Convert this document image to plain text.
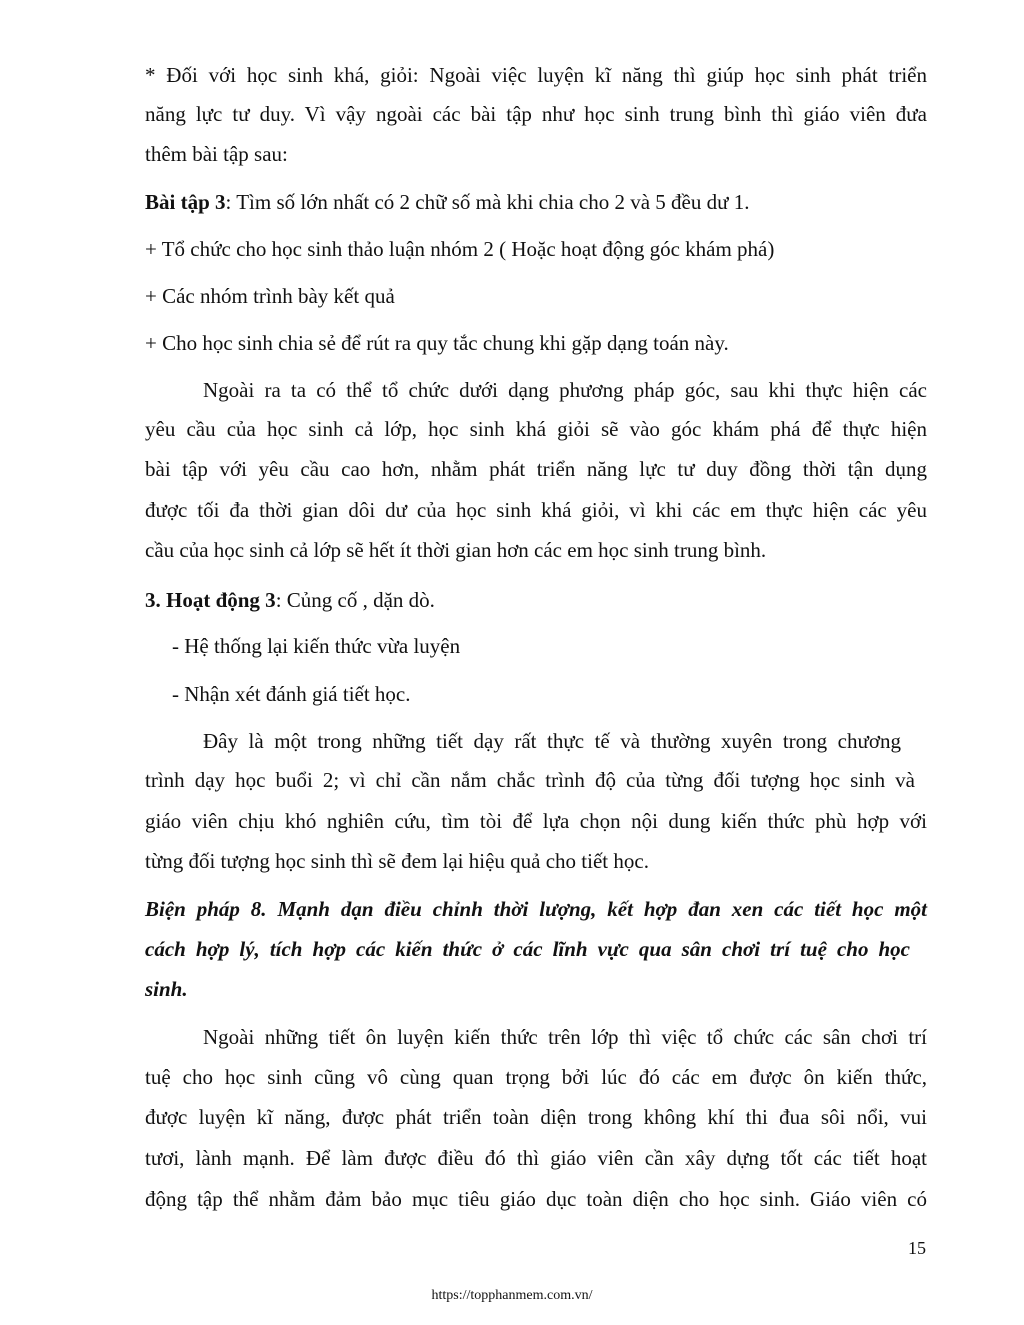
* Đối với học sinh khá, giỏi: Ngoài việc luyện kĩ năng thì giúp học sinh phát triển

năng lực tư duy. Vì vậy ngoài các bài tập như học sinh trung bình thì giáo viên đưa

thêm bài tập sau:

Bài tập 3: Tìm số lớn nhất có 2 chữ số mà khi chia cho 2 và 5 đều dư 1.

+ Tổ chức cho học sinh thảo luận nhóm 2 ( Hoặc hoạt động góc khám phá)

+ Các nhóm trình bày kết quả

+ Cho học sinh chia sẻ để rút ra quy tắc chung khi gặp dạng toán này.

Ngoài ra ta có thể tổ chức dưới dạng phương pháp góc, sau khi thực hiện các

yêu cầu của học sinh cả lớp, học sinh khá giỏi sẽ vào góc khám phá để thực hiện

bài tập với yêu cầu cao hơn, nhằm phát triển năng lực tư duy đồng thời tận dụng

được tối đa thời gian dôi dư của học sinh khá giỏi, vì khi các em thực hiện các yêu

cầu của học sinh cả lớp sẽ hết ít thời gian hơn các em học sinh trung bình.

3. Hoạt động 3: Củng cố , dặn dò.

- Hệ thống lại kiến thức vừa luyện

- Nhận xét đánh giá tiết học.

Đây là một trong những tiết dạy rất thực tế và thường xuyên trong chương

trình dạy học buổi 2; vì chỉ cần nắm chắc trình độ của từng đối tượng học sinh và

giáo viên chịu khó nghiên cứu, tìm tòi để lựa chọn nội dung kiến thức phù hợp với

từng đối tượng học sinh thì sẽ đem lại hiệu quả cho tiết học.

Biện pháp 8. Mạnh dạn điều chỉnh thời lượng, kết hợp đan xen các tiết học một

cách hợp lý, tích hợp các kiến thức ở các lĩnh vực qua sân chơi trí tuệ cho học

sinh.

Ngoài những tiết ôn luyện kiến thức trên lớp thì việc tổ chức các sân chơi trí

tuệ cho học sinh cũng vô cùng quan trọng bởi lúc đó các em được ôn kiến thức,

được luyện kĩ năng, được phát triển toàn diện trong không khí thi đua sôi nổi, vui

tươi, lành mạnh. Để làm được điều đó thì giáo viên cần xây dựng tốt các tiết hoạt

động tập thể nhằm đảm bảo mục tiêu giáo dục toàn diện cho học sinh. Giáo viên có

15
https://topphanmem.com.vn/
